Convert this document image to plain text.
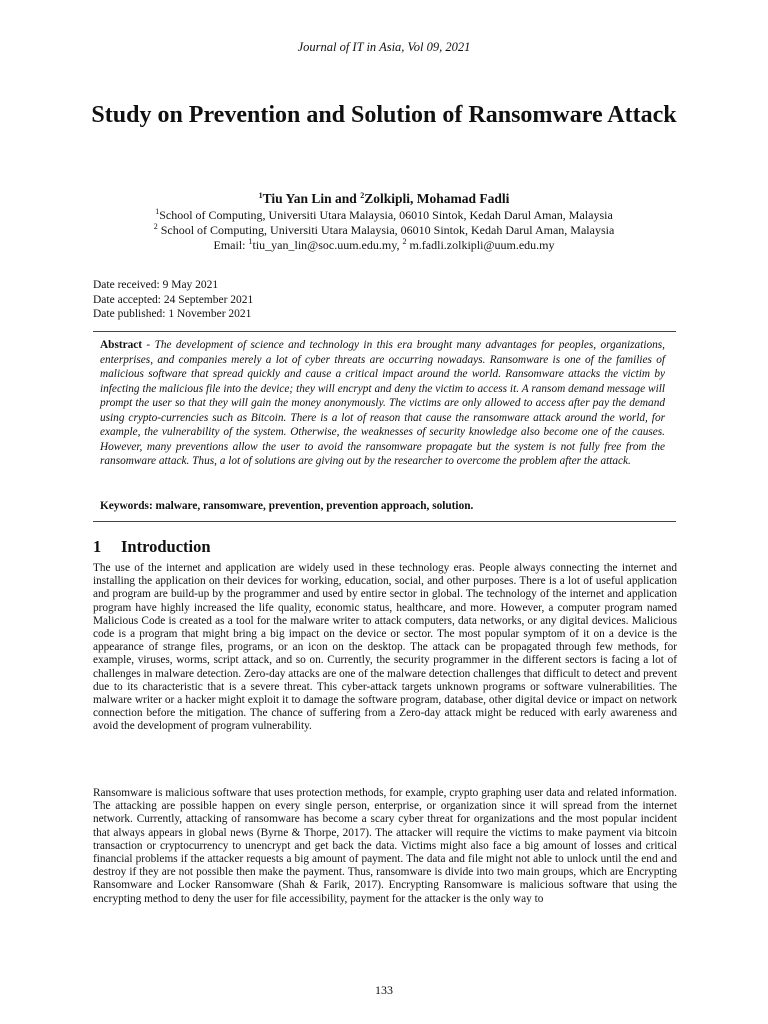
Journal of IT in Asia, Vol 09, 2021
Study on Prevention and Solution of Ransomware Attack
$^1$Tiu Yan Lin and $^2$Zolkipli, Mohamad Fadli
$^1$School of Computing, Universiti Utara Malaysia, 06010 Sintok, Kedah Darul Aman, Malaysia
$^2$ School of Computing, Universiti Utara Malaysia, 06010 Sintok, Kedah Darul Aman, Malaysia
Email: $^1$tiu_yan_lin@soc.uum.edu.my, $^2$ m.fadli.zolkipli@uum.edu.my
Date received: 9 May 2021
Date accepted: 24 September 2021
Date published: 1 November 2021
Abstract - The development of science and technology in this era brought many advantages for peoples, organizations, enterprises, and companies merely a lot of cyber threats are occurring nowadays. Ransomware is one of the families of malicious software that spread quickly and cause a critical impact around the world. Ransomware attacks the victim by infecting the malicious file into the device; they will encrypt and deny the victim to access it. A ransom demand message will prompt the user so that they will gain the money anonymously. The victims are only allowed to access after pay the demand using crypto-currencies such as Bitcoin. There is a lot of reason that cause the ransomware attack around the world, for example, the vulnerability of the system. Otherwise, the weaknesses of security knowledge also become one of the causes. However, many preventions allow the user to avoid the ransomware propagate but the system is not fully free from the ransomware attack. Thus, a lot of solutions are giving out by the researcher to overcome the problem after the attack.
Keywords: malware, ransomware, prevention, prevention approach, solution.
1 Introduction

The use of the internet and application are widely used in these technology eras. People always connecting the internet and installing the application on their devices for working, education, social, and other purposes. There is a lot of useful application and program are build-up by the programmer and used by entire sector in global. The technology of the internet and application program have highly increased the life quality, economic status, healthcare, and more. However, a computer program named Malicious Code is created as a tool for the malware writer to attack computers, data networks, or any digital devices. Malicious code is a program that might bring a big impact on the device or sector. The most popular symptom of it on a device is the appearance of strange files, programs, or an icon on the desktop. The attack can be propagated through few methods, for example, viruses, worms, script attack, and so on. Currently, the security programmer in the different sectors is facing a lot of challenges in malware detection. Zero-day attacks are one of the malware detection challenges that difficult to detect and prevent due to its characteristic that is a severe threat. This cyber-attack targets unknown programs or software vulnerabilities. The malware writer or a hacker might exploit it to damage the software program, database, other digital device or impact on network connection before the mitigation. The chance of suffering from a Zero-day attack might be reduced with early awareness and avoid the development of program vulnerability.

Ransomware is malicious software that uses protection methods, for example, crypto graphing user data and related information. The attacking are possible happen on every single person, enterprise, or organization since it will spread from the internet network. Currently, attacking of ransomware has become a scary cyber threat for organizations and the most popular incident that always appears in global news (Byrne & Thorpe, 2017). The attacker will require the victims to make payment via bitcoin transaction or cryptocurrency to unencrypt and get back the data. Victims might also face a big amount of losses and critical financial problems if the attacker requests a big amount of payment. The data and file might not able to unlock until the end and destroy if they are not possible then make the payment. Thus, ransomware is divide into two main groups, which are Encrypting Ransomware and Locker Ransomware (Shah & Farik, 2017). Encrypting Ransomware is malicious software that using the encrypting method to deny the user for file accessibility, payment for the attacker is the only way to

133
